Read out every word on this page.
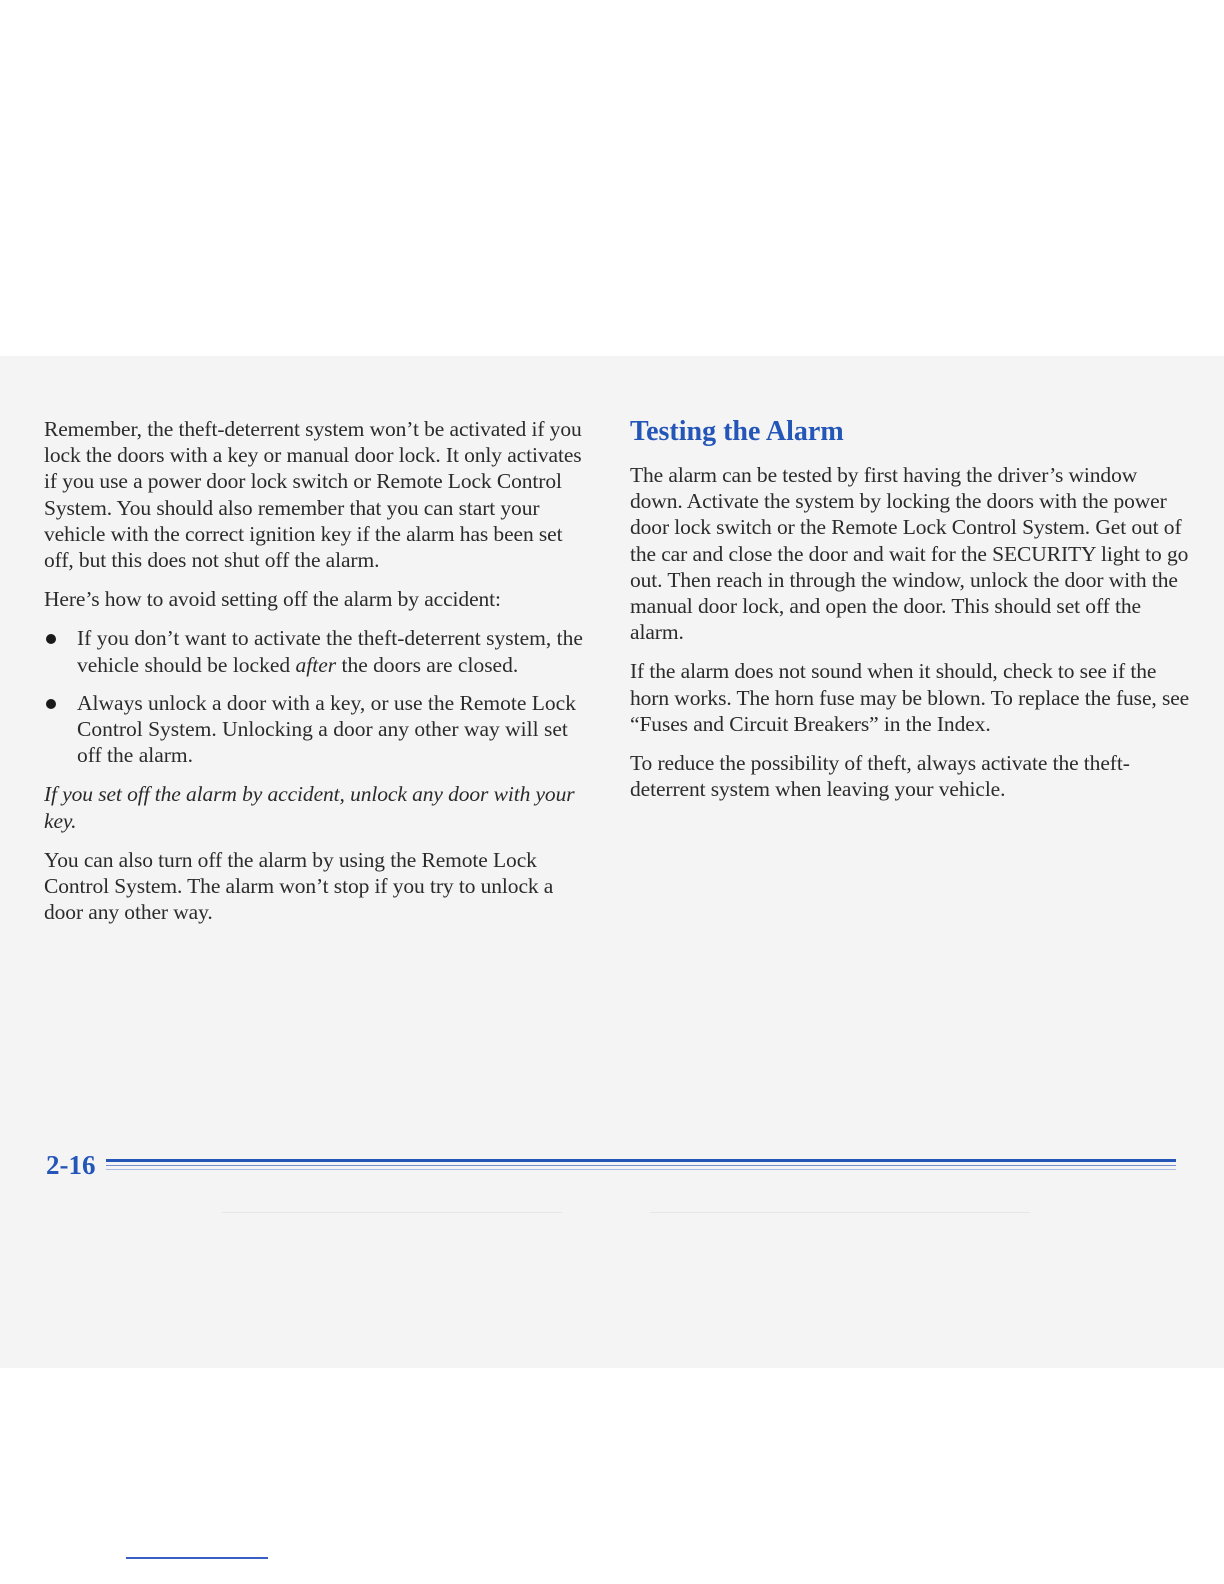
Remember, the theft-deterrent system won’t be activated if you lock the doors with a key or manual door lock. It only activates if you use a power door lock switch or Remote Lock Control System. You should also remember that you can start your vehicle with the correct ignition key if the alarm has been set off, but this does not shut off the alarm.

Here’s how to avoid setting off the alarm by accident:

If you don’t want to activate the theft-deterrent system, the vehicle should be locked after the doors are closed.
Always unlock a door with a key, or use the Remote Lock Control System. Unlocking a door any other way will set off the alarm.

If you set off the alarm by accident, unlock any door with your key.

You can also turn off the alarm by using the Remote Lock Control System. The alarm won’t stop if you try to unlock a door any other way.

Testing the Alarm

The alarm can be tested by first having the driver’s window down. Activate the system by locking the doors with the power door lock switch or the Remote Lock Control System. Get out of the car and close the door and wait for the SECURITY light to go out. Then reach in through the window, unlock the door with the manual door lock, and open the door. This should set off the alarm.

If the alarm does not sound when it should, check to see if the horn works. The horn fuse may be blown. To replace the fuse, see “Fuses and Circuit Breakers” in the Index.

To reduce the possibility of theft, always activate the theft-deterrent system when leaving your vehicle.

2-16
